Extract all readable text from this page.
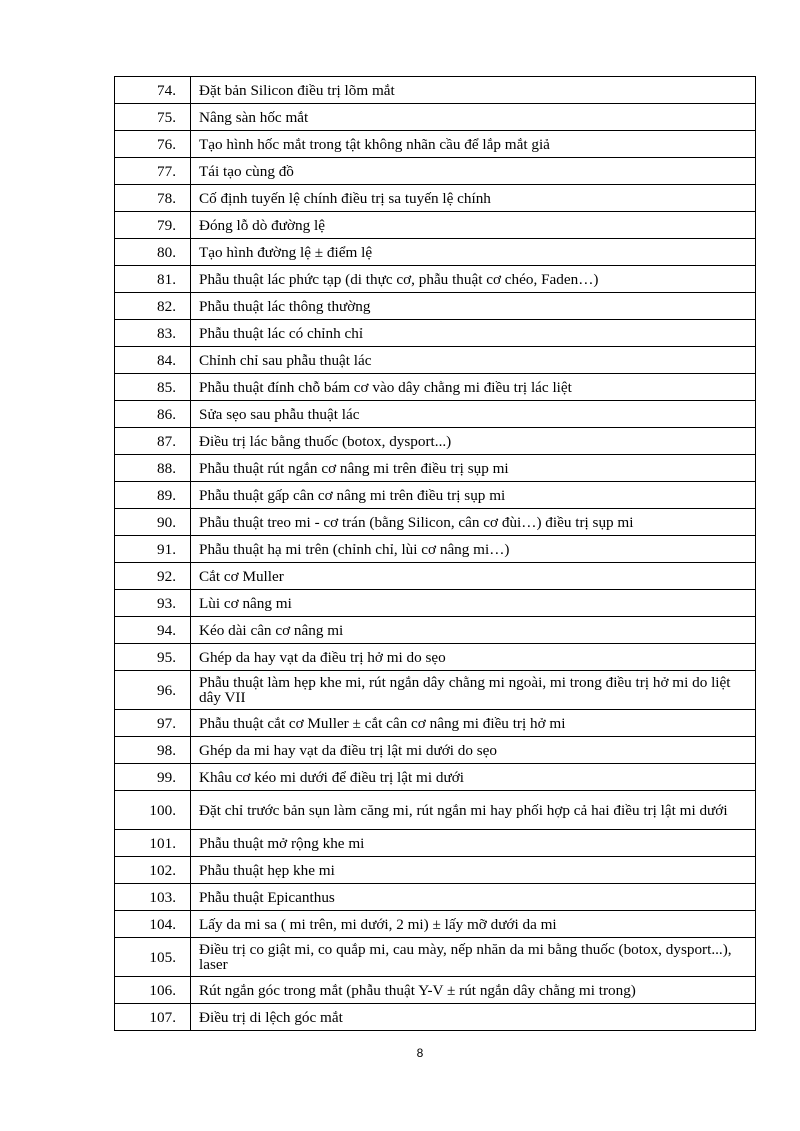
74.	Đặt bản Silicon điều trị lõm mắt
75.	Nâng sàn hốc mắt
76.	Tạo hình hốc mắt trong tật không nhãn cầu để lắp mắt giả
77.	Tái tạo cùng đồ
78.	Cố định tuyến lệ chính điều trị sa tuyến lệ chính
79.	Đóng lỗ dò đường lệ
80.	Tạo hình đường lệ ± điểm lệ
81.	Phẫu thuật lác phức tạp (di thực cơ, phẫu thuật cơ chéo, Faden…)
82.	Phẫu thuật lác thông thường
83.	Phẫu thuật lác có chỉnh chỉ
84.	Chỉnh chỉ sau phẫu thuật lác
85.	Phẫu thuật đính chỗ bám cơ vào dây chằng mi điều trị lác liệt
86.	Sửa sẹo sau phẫu thuật lác
87.	Điều trị lác bằng thuốc (botox, dysport...)
88.	Phẫu thuật rút ngắn cơ nâng mi trên điều trị sụp mi
89.	Phẫu thuật gấp cân cơ nâng mi trên điều trị sụp mi
90.	Phẫu thuật treo mi - cơ trán (bằng Silicon, cân cơ đùi…) điều trị sụp mi
91.	Phẫu thuật hạ mi trên (chỉnh chỉ, lùi cơ nâng mi…)
92.	Cắt cơ Muller
93.	Lùi cơ nâng mi
94.	Kéo dài cân cơ nâng mi
95.	Ghép da hay vạt da điều trị hở mi do sẹo
96.	Phẫu thuật làm hẹp khe mi, rút ngắn dây chằng mi ngoài, mi trong điều trị hở mi do liệt dây VII
97.	Phẫu thuật cắt cơ Muller ± cắt cân cơ nâng mi điều trị hở mi
98.	Ghép da mi hay vạt da điều trị lật mi dưới do sẹo
99.	Khâu cơ kéo mi dưới để điều trị lật mi dưới
100.	Đặt chỉ trước bản sụn làm căng mi, rút ngắn mi hay phối hợp cả hai điều trị lật mi dưới
101.	Phẫu thuật mở rộng khe mi
102.	Phẫu thuật hẹp khe mi
103.	Phẫu thuật Epicanthus
104.	Lấy da mi sa ( mi trên, mi dưới, 2 mi) ± lấy mỡ dưới da mi
105.	Điều trị co giật mi, co quắp mi, cau mày, nếp nhăn da mi bằng thuốc (botox, dysport...), laser
106.	Rút ngắn góc trong mắt (phẫu thuật Y-V ± rút ngắn dây chằng mi trong)
107.	Điều trị di lệch góc mắt
8
